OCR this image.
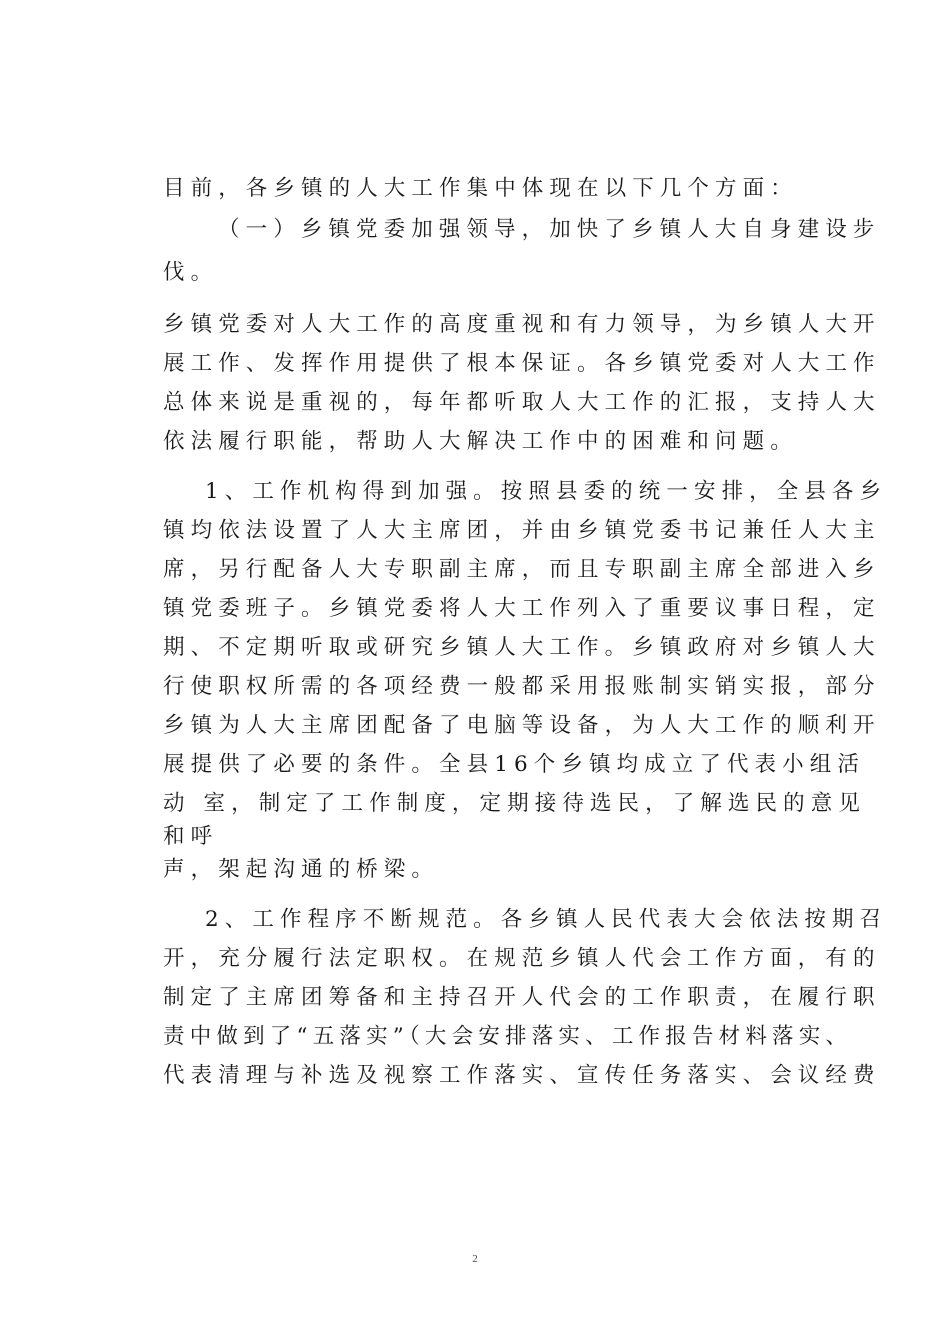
目前，各乡镇的人大工作集中体现在以下几个方面：
（一）乡镇党委加强领导，加快了乡镇人大自身建设步
伐。
乡镇党委对人大工作的高度重视和有力领导，为乡镇人大开
展工作、发挥作用提供了根本保证。各乡镇党委对人大工作
总体来说是重视的，每年都听取人大工作的汇报，支持人大
依法履行职能，帮助人大解决工作中的困难和问题。
1、工作机构得到加强。按照县委的统一安排，全县各乡
镇均依法设置了人大主席团，并由乡镇党委书记兼任人大主
席，另行配备人大专职副主席，而且专职副主席全部进入乡
镇党委班子。乡镇党委将人大工作列入了重要议事日程，定
期、不定期听取或研究乡镇人大工作。乡镇政府对乡镇人大
行使职权所需的各项经费一般都采用报账制实销实报，部分
乡镇为人大主席团配备了电脑等设备，为人大工作的顺利开
展提供了必要的条件。全县16个乡镇均成立了代表小组活
动 室，制定了工作制度，定期接待选民，了解选民的意见
和呼
声，架起沟通的桥梁。
2、工作程序不断规范。各乡镇人民代表大会依法按期召
开，充分履行法定职权。在规范乡镇人代会工作方面，有的
制定了主席团筹备和主持召开人代会的工作职责，在履行职
责中做到了“五落实”（大会安排落实、工作报告材料落实、
代表清理与补选及视察工作落实、宣传任务落实、会议经费
2
